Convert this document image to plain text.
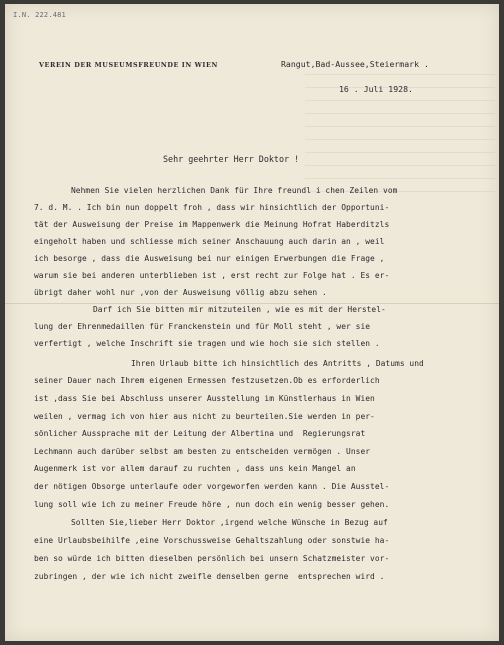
I.N. 222.481
VEREIN DER MUSEUMSFREUNDE IN WIEN	Rangut,Bad-Aussee,Steiermark .
16 . Juli 1928.
Sehr geehrter Herr Doktor !
Nehmen Sie vielen herzlichen Dank für Ihre freundl i chen Zeilen vom
7. d. M. . Ich bin nun doppelt froh , dass wir hinsichtlich der Opportuni-
tät der Ausweisung der Preise im Mappenwerk die Meinung Hofrat Haberditzls
eingeholt haben und schliesse mich seiner Anschauung auch darin an , weil
ich besorge , dass die Ausweisung bei nur einigen Erwerbungen die Frage ,
warum sie bei anderen unterblieben ist , erst recht zur Folge hat . Es er-
übrigt daher wohl nur ,von der Ausweisung völlig abzu sehen .
Darf ich Sie bitten mir mitzuteilen , wie es mit der Herstel-
lung der Ehrenmedaillen für Franckenstein und für Moll steht , wer sie
verfertigt , welche Inschrift sie tragen und wie hoch sie sich stellen .
Ihren Urlaub bitte ich hinsichtlich des Antritts , Datums und
seiner Dauer nach Ihrem eigenen Ermessen festzusetzen.Ob es erforderlich
ist ,dass Sie bei Abschluss unserer Ausstellung im Künstlerhaus in Wien
weilen , vermag ich von hier aus nicht zu beurteilen.Sie werden in per-
sönlicher Aussprache mit der Leitung der Albertina und  Regierungsrat
Lechmann auch darüber selbst am besten zu entscheiden vermögen . Unser
Augenmerk ist vor allem darauf zu ruchten , dass uns kein Mangel an
der nötigen Obsorge unterlaufe oder vorgeworfen werden kann . Die Ausstel-
lung soll wie ich zu meiner Freude höre , nun doch ein wenig besser gehen.
Sollten Sie,lieber Herr Doktor ,irgend welche Wünsche in Bezug auf
eine Urlaubsbeihilfe ,eine Vorschussweise Gehaltszahlung oder sonstwie ha-
ben so würde ich bitten dieselben persönlich bei unsern Schatzmeister vor-
zubringen , der wie ich nicht zweifle denselben gerne  entsprechen wird .
